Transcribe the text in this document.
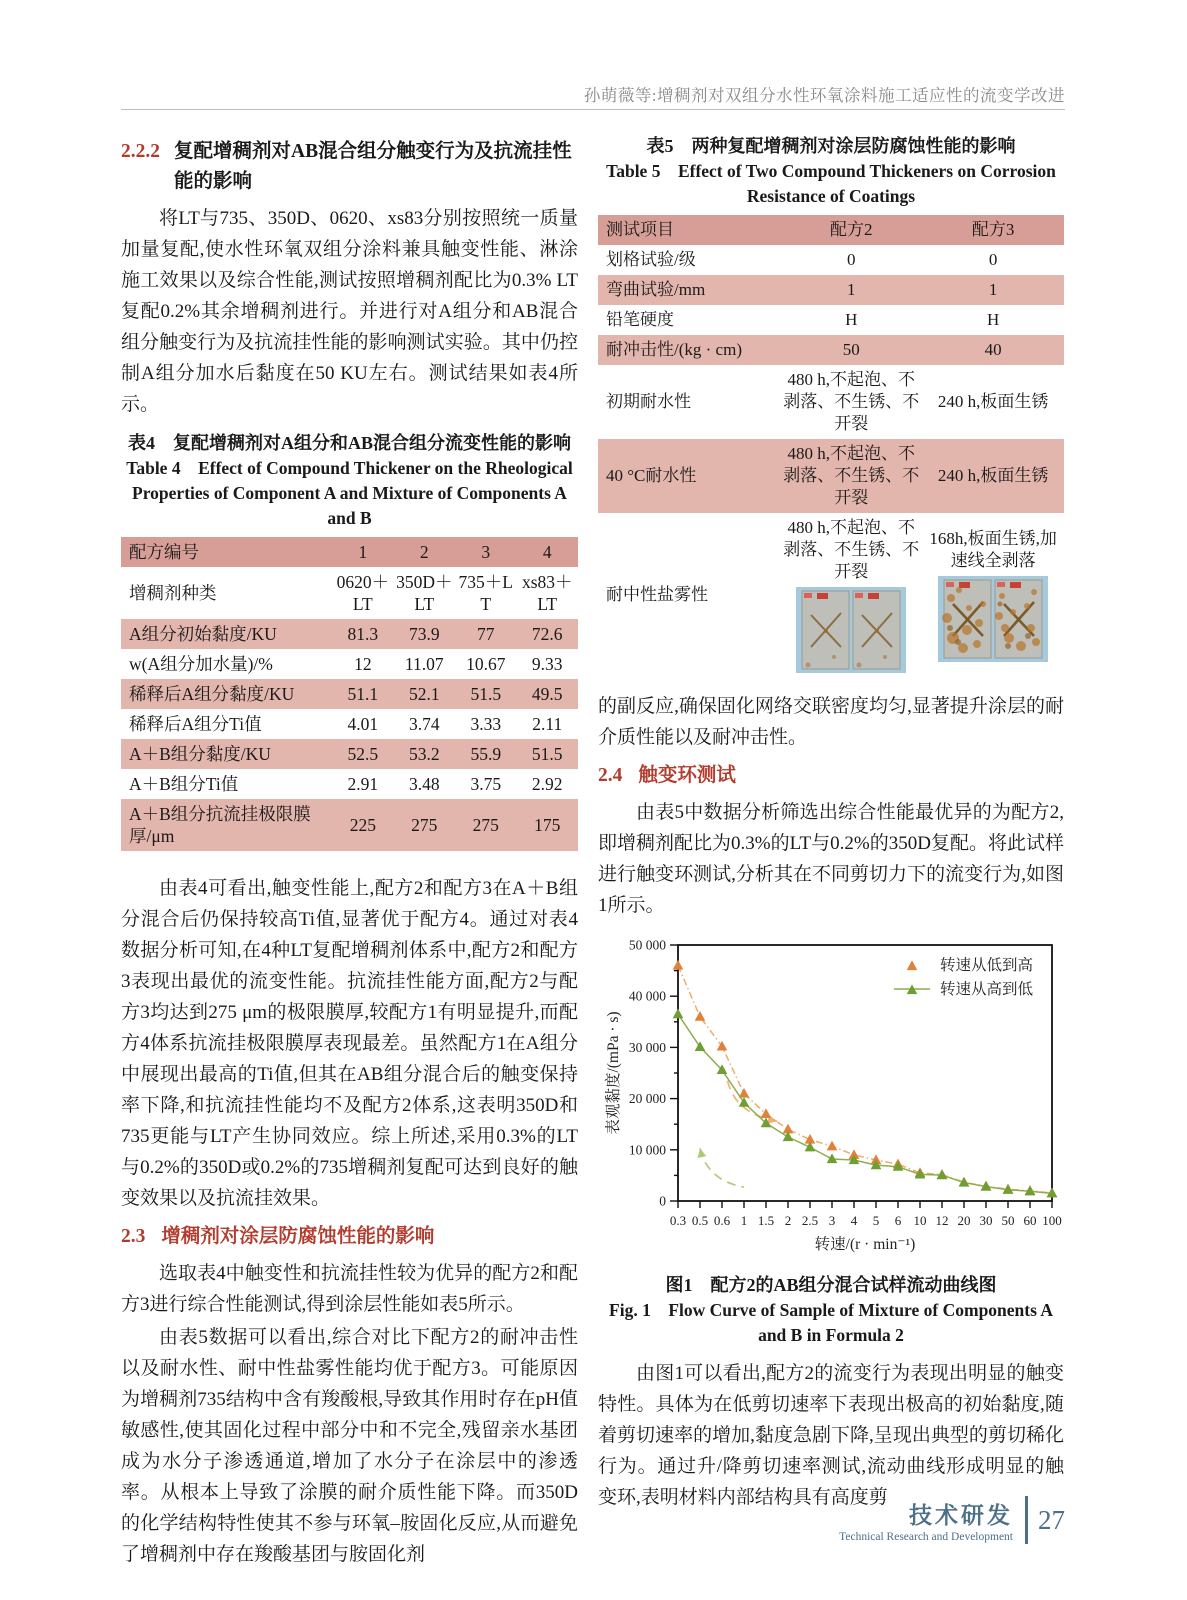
孙萌薇等:增稠剂对双组分水性环氧涂料施工适应性的流变学改进
2.2.2 复配增稠剂对AB混合组分触变行为及抗流挂性能的影响

将LT与735、350D、0620、xs83分别按照统一质量加量复配,使水性环氧双组分涂料兼具触变性能、淋涂施工效果以及综合性能,测试按照增稠剂配比为0.3% LT复配0.2%其余增稠剂进行。并进行对A组分和AB混合组分触变行为及抗流挂性能的影响测试实验。其中仍控制A组分加水后黏度在50 KU左右。测试结果如表4所示。

表4　复配增稠剂对A组分和AB混合组分流变性能的影响
Table 4　Effect of Compound Thickener on the Rheological Properties of Component A and Mixture of Components A and B
配方编号	1	2	3	4
增稠剂种类	0620＋LT	350D＋LT	735＋LT	xs83＋LT
A组分初始黏度/KU	81.3	73.9	77	72.6
w(A组分加水量)/%	12	11.07	10.67	9.33
稀释后A组分黏度/KU	51.1	52.1	51.5	49.5
稀释后A组分Ti值	4.01	3.74	3.33	2.11
A＋B组分黏度/KU	52.5	53.2	55.9	51.5
A＋B组分Ti值	2.91	3.48	3.75	2.92
A＋B组分抗流挂极限膜厚/μm	225	275	275	175

由表4可看出,触变性能上,配方2和配方3在A＋B组分混合后仍保持较高Ti值,显著优于配方4。通过对表4数据分析可知,在4种LT复配增稠剂体系中,配方2和配方3表现出最优的流变性能。抗流挂性能方面,配方2与配方3均达到275 μm的极限膜厚,较配方1有明显提升,而配方4体系抗流挂极限膜厚表现最差。虽然配方1在A组分中展现出最高的Ti值,但其在AB组分混合后的触变保持率下降,和抗流挂性能均不及配方2体系,这表明350D和735更能与LT产生协同效应。综上所述,采用0.3%的LT与0.2%的350D或0.2%的735增稠剂复配可达到良好的触变效果以及抗流挂效果。

2.3 增稠剂对涂层防腐蚀性能的影响

选取表4中触变性和抗流挂性较为优异的配方2和配方3进行综合性能测试,得到涂层性能如表5所示。

由表5数据可以看出,综合对比下配方2的耐冲击性以及耐水性、耐中性盐雾性能均优于配方3。可能原因为增稠剂735结构中含有羧酸根,导致其作用时存在pH值敏感性,使其固化过程中部分中和不完全,残留亲水基团成为水分子渗透通道,增加了水分子在涂层中的渗透率。从根本上导致了涂膜的耐介质性能下降。而350D的化学结构特性使其不参与环氧–胺固化反应,从而避免了增稠剂中存在羧酸基团与胺固化剂

表5　两种复配增稠剂对涂层防腐蚀性能的影响
Table 5　Effect of Two Compound Thickeners on Corrosion Resistance of Coatings
测试项目	配方2	配方3
划格试验/级	0	0
弯曲试验/mm	1	1
铅笔硬度	H	H
耐冲击性/(kg · cm)	50	40
初期耐水性	480 h,不起泡、不剥落、不生锈、不开裂	240 h,板面生锈
40 °C耐水性	480 h,不起泡、不剥落、不生锈、不开裂	240 h,板面生锈
耐中性盐雾性	480 h,不起泡、不剥落、不生锈、不开裂	168h,板面生锈,加速线全剥落

的副反应,确保固化网络交联密度均匀,显著提升涂层的耐介质性能以及耐冲击性。

2.4 触变环测试

由表5中数据分析筛选出综合性能最优异的为配方2,即增稠剂配比为0.3%的LT与0.2%的350D复配。将此试样进行触变环测试,分析其在不同剪切力下的流变行为,如图1所示。

0
10 000
20 000
30 000
40 000
50 000
0.3 0.5 0.6 1 1.5 2 2.5 3 4 5 6 10 12 20 30 50 60 100
转速/(r · min⁻¹)
表观黏度/(mPa · s)
转速从低到高
转速从高到低
图1　配方2的AB组分混合试样流动曲线图
Fig. 1　Flow Curve of Sample of Mixture of Components A and B in Formula 2

由图1可以看出,配方2的流变行为表现出明显的触变特性。具体为在低剪切速率下表现出极高的初始黏度,随着剪切速率的增加,黏度急剧下降,呈现出典型的剪切稀化行为。通过升/降剪切速率测试,流动曲线形成明显的触变环,表明材料内部结构具有高度剪

技术研发
Technical Research and Development
27
